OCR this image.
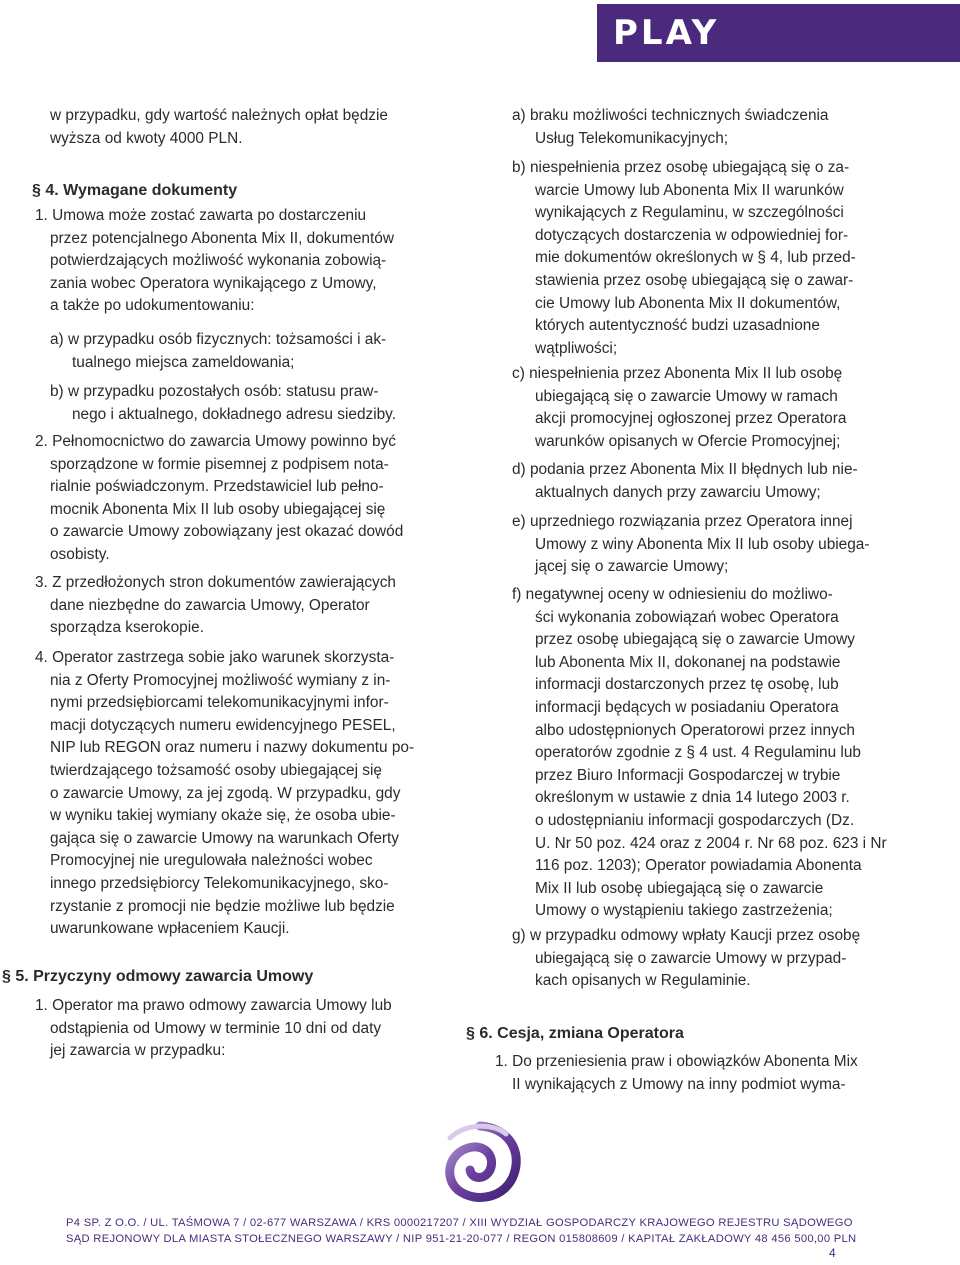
PLAY
w przypadku, gdy wartość należnych opłat będzie
wyższa od kwoty 4000 PLN.
§ 4. Wymagane dokumenty
1. Umowa może zostać zawarta po dostarczeniu
przez potencjalnego Abonenta Mix II, dokumentów
potwierdzających możliwość wykonania zobowią-
zania wobec Operatora wynikającego z Umowy,
a także po udokumentowaniu:
a) w przypadku osób fizycznych: tożsamości i ak-
tualnego miejsca zameldowania;
b) w przypadku pozostałych osób: statusu praw-
nego i aktualnego, dokładnego adresu siedziby.
2. Pełnomocnictwo do zawarcia Umowy powinno być
sporządzone w formie pisemnej z podpisem nota-
rialnie poświadczonym. Przedstawiciel lub pełno-
mocnik Abonenta Mix II lub osoby ubiegającej się
o zawarcie Umowy zobowiązany jest okazać dowód
osobisty.
3. Z przedłożonych stron dokumentów zawierających
dane niezbędne do zawarcia Umowy, Operator
sporządza kserokopie.
4. Operator zastrzega sobie jako warunek skorzysta-
nia z Oferty Promocyjnej możliwość wymiany z in-
nymi przedsiębiorcami telekomunikacyjnymi infor-
macji dotyczących numeru ewidencyjnego PESEL,
NIP lub REGON oraz numeru i nazwy dokumentu po-
twierdzającego tożsamość osoby ubiegającej się
o zawarcie Umowy, za jej zgodą. W przypadku, gdy
w wyniku takiej wymiany okaże się, że osoba ubie-
gająca się o zawarcie Umowy na warunkach Oferty
Promocyjnej nie uregulowała należności wobec
innego przedsiębiorcy Telekomunikacyjnego, sko-
rzystanie z promocji nie będzie możliwe lub będzie
uwarunkowane wpłaceniem Kaucji.
§ 5. Przyczyny odmowy zawarcia Umowy
1. Operator ma prawo odmowy zawarcia Umowy lub
odstąpienia od Umowy w terminie 10 dni od daty
jej zawarcia w przypadku:
a) braku możliwości technicznych świadczenia
Usług Telekomunikacyjnych;
b) niespełnienia przez osobę ubiegającą się o za-
warcie Umowy lub Abonenta Mix II warunków
wynikających z Regulaminu, w szczególności
dotyczących dostarczenia w odpowiedniej for-
mie dokumentów określonych w § 4, lub przed-
stawienia przez osobę ubiegającą się o zawar-
cie Umowy lub Abonenta Mix II dokumentów,
których autentyczność budzi uzasadnione
wątpliwości;
c) niespełnienia przez Abonenta Mix II lub osobę
ubiegającą się o zawarcie Umowy w ramach
akcji promocyjnej ogłoszonej przez Operatora
warunków opisanych w Ofercie Promocyjnej;
d) podania przez Abonenta Mix II błędnych lub nie-
aktualnych danych przy zawarciu Umowy;
e) uprzedniego rozwiązania przez Operatora innej
Umowy z winy Abonenta Mix II lub osoby ubiega-
jącej się o zawarcie Umowy;
f) negatywnej oceny w odniesieniu do możliwo-
ści wykonania zobowiązań wobec Operatora
przez osobę ubiegającą się o zawarcie Umowy
lub Abonenta Mix II, dokonanej na podstawie
informacji dostarczonych przez tę osobę, lub
informacji będących w posiadaniu Operatora
albo udostępnionych Operatorowi przez innych
operatorów zgodnie z § 4 ust. 4 Regulaminu lub
przez Biuro Informacji Gospodarczej w trybie
określonym w ustawie z dnia 14 lutego 2003 r.
o udostępnianiu informacji gospodarczych (Dz.
U. Nr 50 poz. 424 oraz z 2004 r. Nr 68 poz. 623 i Nr
116 poz. 1203); Operator powiadamia Abonenta
Mix II lub osobę ubiegającą się o zawarcie
Umowy o wystąpieniu takiego zastrzeżenia;
g) w przypadku odmowy wpłaty Kaucji przez osobę
ubiegającą się o zawarcie Umowy w przypad-
kach opisanych w Regulaminie.
§ 6. Cesja, zmiana Operatora
1. Do przeniesienia praw i obowiązków Abonenta Mix
II wynikających z Umowy na inny podmiot wyma-
P4 SP. Z O.O. / UL. TAŚMOWA 7 / 02-677 WARSZAWA / KRS 0000217207 / XIII WYDZIAŁ GOSPODARCZY KRAJOWEGO REJESTRU SĄDOWEGO
SĄD REJONOWY DLA MIASTA STOŁECZNEGO WARSZAWY / NIP 951-21-20-077 / REGON 015808609 / KAPITAŁ ZAKŁADOWY 48 456 500,00 PLN
4
